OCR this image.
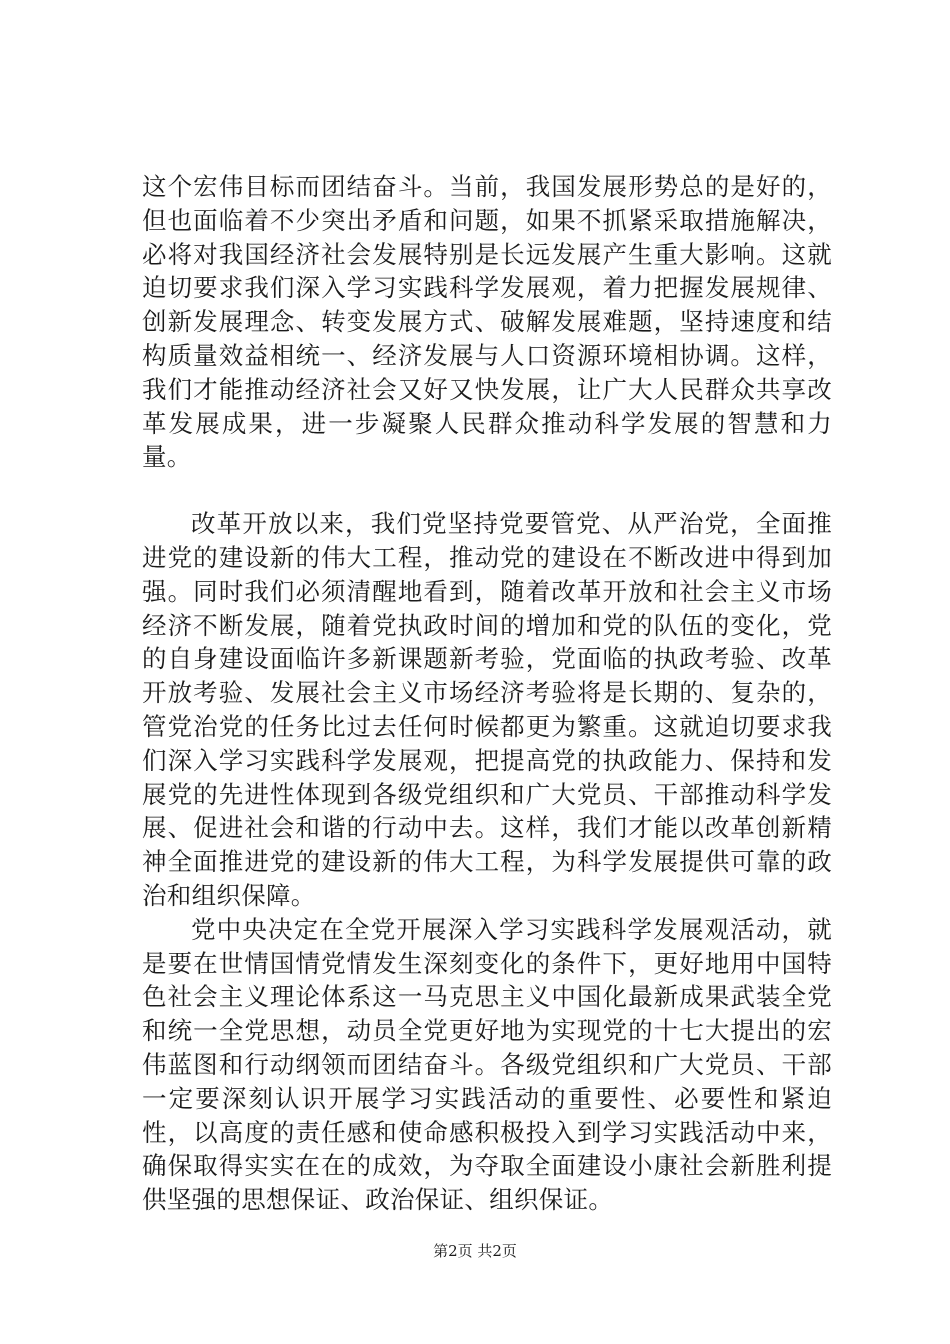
这个宏伟目标而团结奋斗。当前，我国发展形势总的是好的，但也面临着不少突出矛盾和问题，如果不抓紧采取措施解决，必将对我国经济社会发展特别是长远发展产生重大影响。这就迫切要求我们深入学习实践科学发展观，着力把握发展规律、创新发展理念、转变发展方式、破解发展难题，坚持速度和结构质量效益相统一、经济发展与人口资源环境相协调。这样，我们才能推动经济社会又好又快发展，让广大人民群众共享改革发展成果，进一步凝聚人民群众推动科学发展的智慧和力量。

改革开放以来，我们党坚持党要管党、从严治党，全面推进党的建设新的伟大工程，推动党的建设在不断改进中得到加强。同时我们必须清醒地看到，随着改革开放和社会主义市场经济不断发展，随着党执政时间的增加和党的队伍的变化，党的自身建设面临许多新课题新考验，党面临的执政考验、改革开放考验、发展社会主义市场经济考验将是长期的、复杂的，管党治党的任务比过去任何时候都更为繁重。这就迫切要求我们深入学习实践科学发展观，把提高党的执政能力、保持和发展党的先进性体现到各级党组织和广大党员、干部推动科学发展、促进社会和谐的行动中去。这样，我们才能以改革创新精神全面推进党的建设新的伟大工程，为科学发展提供可靠的政治和组织保障。

党中央决定在全党开展深入学习实践科学发展观活动，就是要在世情国情党情发生深刻变化的条件下，更好地用中国特色社会主义理论体系这一马克思主义中国化最新成果武装全党和统一全党思想，动员全党更好地为实现党的十七大提出的宏伟蓝图和行动纲领而团结奋斗。各级党组织和广大党员、干部一定要深刻认识开展学习实践活动的重要性、必要性和紧迫性，以高度的责任感和使命感积极投入到学习实践活动中来，确保取得实实在在的成效，为夺取全面建设小康社会新胜利提供坚强的思想保证、政治保证、组织保证。

第2页 共2页
